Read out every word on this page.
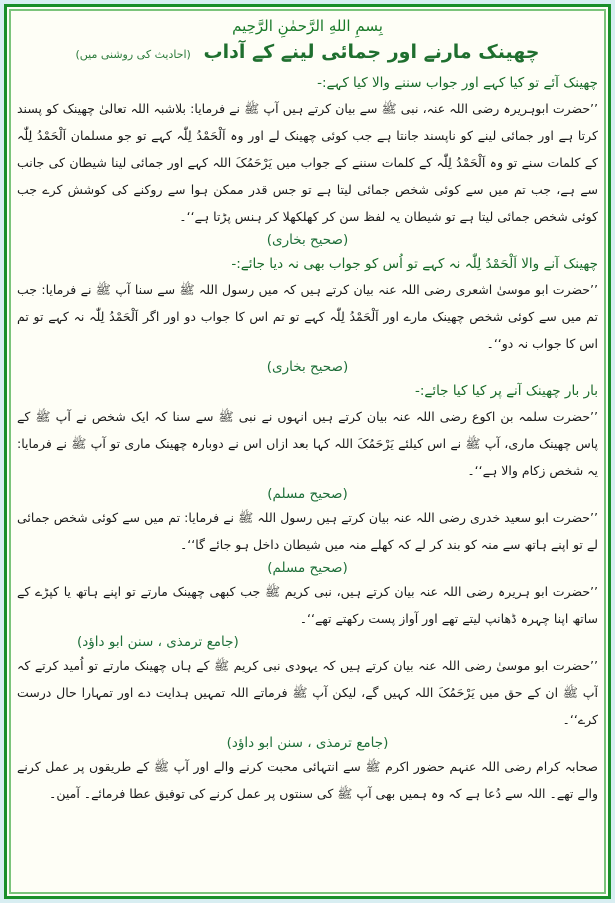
بِسمِ اللهِ الرَّحمٰنِ الرَّحِیم
چھینک مارنے اور جمائی لینے کے آداب (احادیث کی روشنی میں)
چھینک آئے تو کیا کہے اور جواب سننے والا کیا کہے:-

’’حضرت ابوہریرہ رضی اللہ عنہ، نبی ﷺ سے بیان کرتے ہیں آپ ﷺ نے فرمایا: بلاشبہ اللہ تعالیٰ چھینک کو پسند کرتا ہے اور جمائی لینے کو ناپسند جانتا ہے جب کوئی چھینک لے اور وہ اَلْحَمْدُ لِلّٰہ کہے تو جو مسلمان اَلْحَمْدُ لِلّٰہ کے کلمات سنے تو وہ اَلْحَمْدُ لِلّٰہ کے کلمات سننے کے جواب میں یَرْحَمُکَ اللہ کہے اور جمائی لینا شیطان کی جانب سے ہے، جب تم میں سے کوئی شخص جمائی لیتا ہے تو جس قدر ممکن ہوا سے روکنے کی کوشش کرے جب کوئی شخص جمائی لیتا ہے تو شیطان یہ لفظ سن کر کھلکھلا کر ہنس پڑتا ہے‘‘۔

(صحیح بخاری)
چھینک آنے والا اَلْحَمْدُ لِلّٰہ نہ کہے تو اُس کو جواب بھی نہ دیا جائے:-

’’حضرت ابو موسیٰ اشعری رضی اللہ عنہ بیان کرتے ہیں کہ میں رسول اللہ ﷺ سے سنا آپ ﷺ نے فرمایا: جب تم میں سے کوئی شخص چھینک مارے اور اَلْحَمْدُ لِلّٰہ کہے تو تم اس کا جواب دو اور اگر اَلْحَمْدُ لِلّٰہ نہ کہے تو تم اس کا جواب نہ دو‘‘۔

(صحیح بخاری)
بار بار چھینک آنے پر کیا کیا جائے:-

’’حضرت سلمہ بن اکوع رضی اللہ عنہ بیان کرتے ہیں انہوں نے نبی ﷺ سے سنا کہ ایک شخص نے آپ ﷺ کے پاس چھینک ماری، آپ ﷺ نے اس کیلئے یَرْحَمُکَ اللہ کہا بعد ازاں اس نے دوبارہ چھینک ماری تو آپ ﷺ نے فرمایا: یہ شخص زکام والا ہے‘‘۔

(صحیح مسلم)

’’حضرت ابو سعید خدری رضی اللہ عنہ بیان کرتے ہیں رسول اللہ ﷺ نے فرمایا: تم میں سے کوئی شخص جمائی لے تو اپنے ہاتھ سے منہ کو بند کر لے کہ کھلے منہ میں شیطان داخل ہو جائے گا‘‘۔

(صحیح مسلم)

’’حضرت ابو ہریرہ رضی اللہ عنہ بیان کرتے ہیں، نبی کریم ﷺ جب کبھی چھینک مارتے تو اپنے ہاتھ یا کپڑے کے ساتھ اپنا چہرہ ڈھانپ لیتے تھے اور آواز پست رکھتے تھے‘‘۔

(جامع ترمذی ، سنن ابو داؤد)

’’حضرت ابو موسیٰ رضی اللہ عنہ بیان کرتے ہیں کہ یہودی نبی کریم ﷺ کے ہاں چھینک مارتے تو اُمید کرتے کہ آپ ﷺ ان کے حق میں یَرْحَمُکَ اللہ کہیں گے، لیکن آپ ﷺ فرماتے اللہ تمہیں ہدایت دے اور تمہارا حال درست کرے‘‘۔

(جامع ترمذی ، سنن ابو داؤد)

صحابہ کرام رضی اللہ عنہم حضور اکرم ﷺ سے انتہائی محبت کرنے والے اور آپ ﷺ کے طریقوں پر عمل کرنے والے تھے۔ اللہ سے دُعا ہے کہ وہ ہمیں بھی آپ ﷺ کی سنتوں پر عمل کرنے کی توفیق عطا فرمائے۔ آمین۔
